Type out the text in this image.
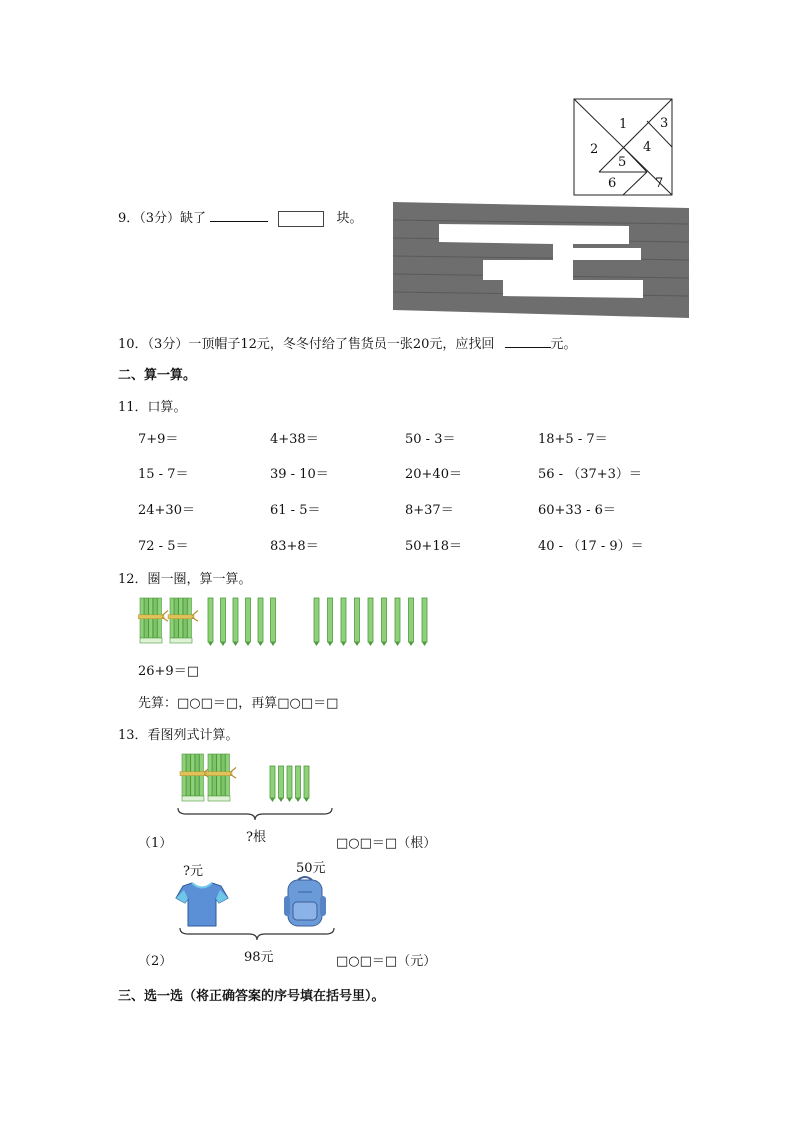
1
2
3
4
5
6	7
9．（3分）缺了	块。
10．（3分）一顶帽子12元，冬冬付给了售货员一张20元，应找回	元。
二、算一算。
11．口算。
7+9＝	4+38＝	50 - 3＝	18+5 - 7＝
15 - 7＝	39 - 10＝	20+40＝	56 - （37+3）＝
24+30＝	61 - 5＝	8+37＝	60+33 - 6＝
72 - 5＝	83+8＝	50+18＝	40 - （17 - 9）＝
12．圈一圈，算一算。
26+9＝□
先算：□○□＝□，再算□○□＝□
13．看图列式计算。
?根
（1）	□○□＝□（根）
?元	50元
98元
（2）	□○□＝□（元）
三、选一选（将正确答案的序号填在括号里）。
